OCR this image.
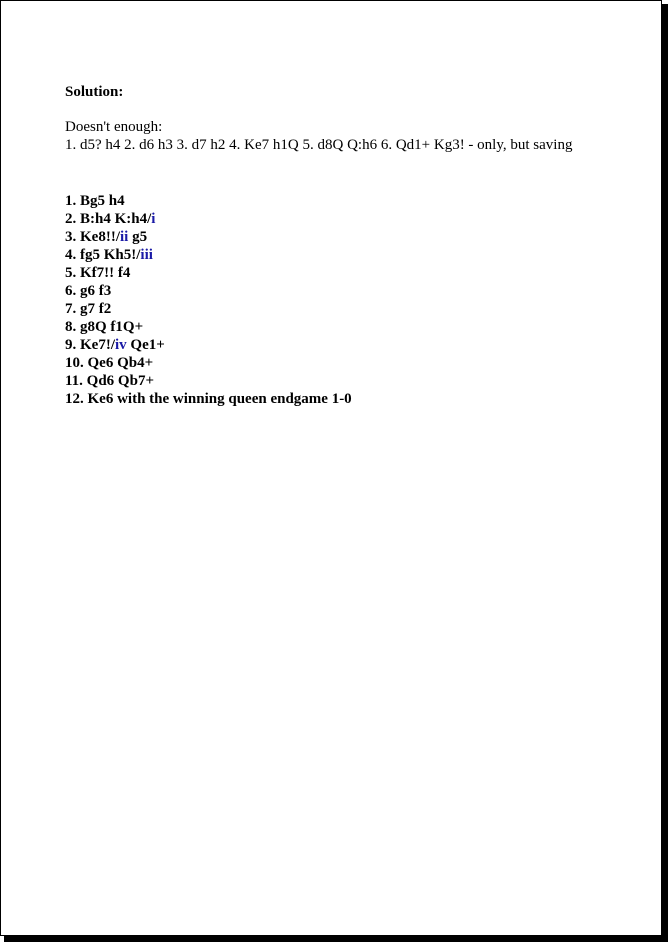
Solution:

Doesn't enough:
1. d5? h4 2. d6 h3 3. d7 h2 4. Ke7 h1Q 5. d8Q Q:h6 6. Qd1+ Kg3! - only, but saving
1. Bg5 h4
2. B:h4 K:h4/i
3. Ke8!!/ii g5
4. fg5 Kh5!/iii
5. Kf7!! f4
6. g6 f3
7. g7 f2
8. g8Q f1Q+
9. Ke7!/iv Qe1+
10. Qe6 Qb4+
11. Qd6 Qb7+
12. Ke6 with the winning queen endgame 1-0
